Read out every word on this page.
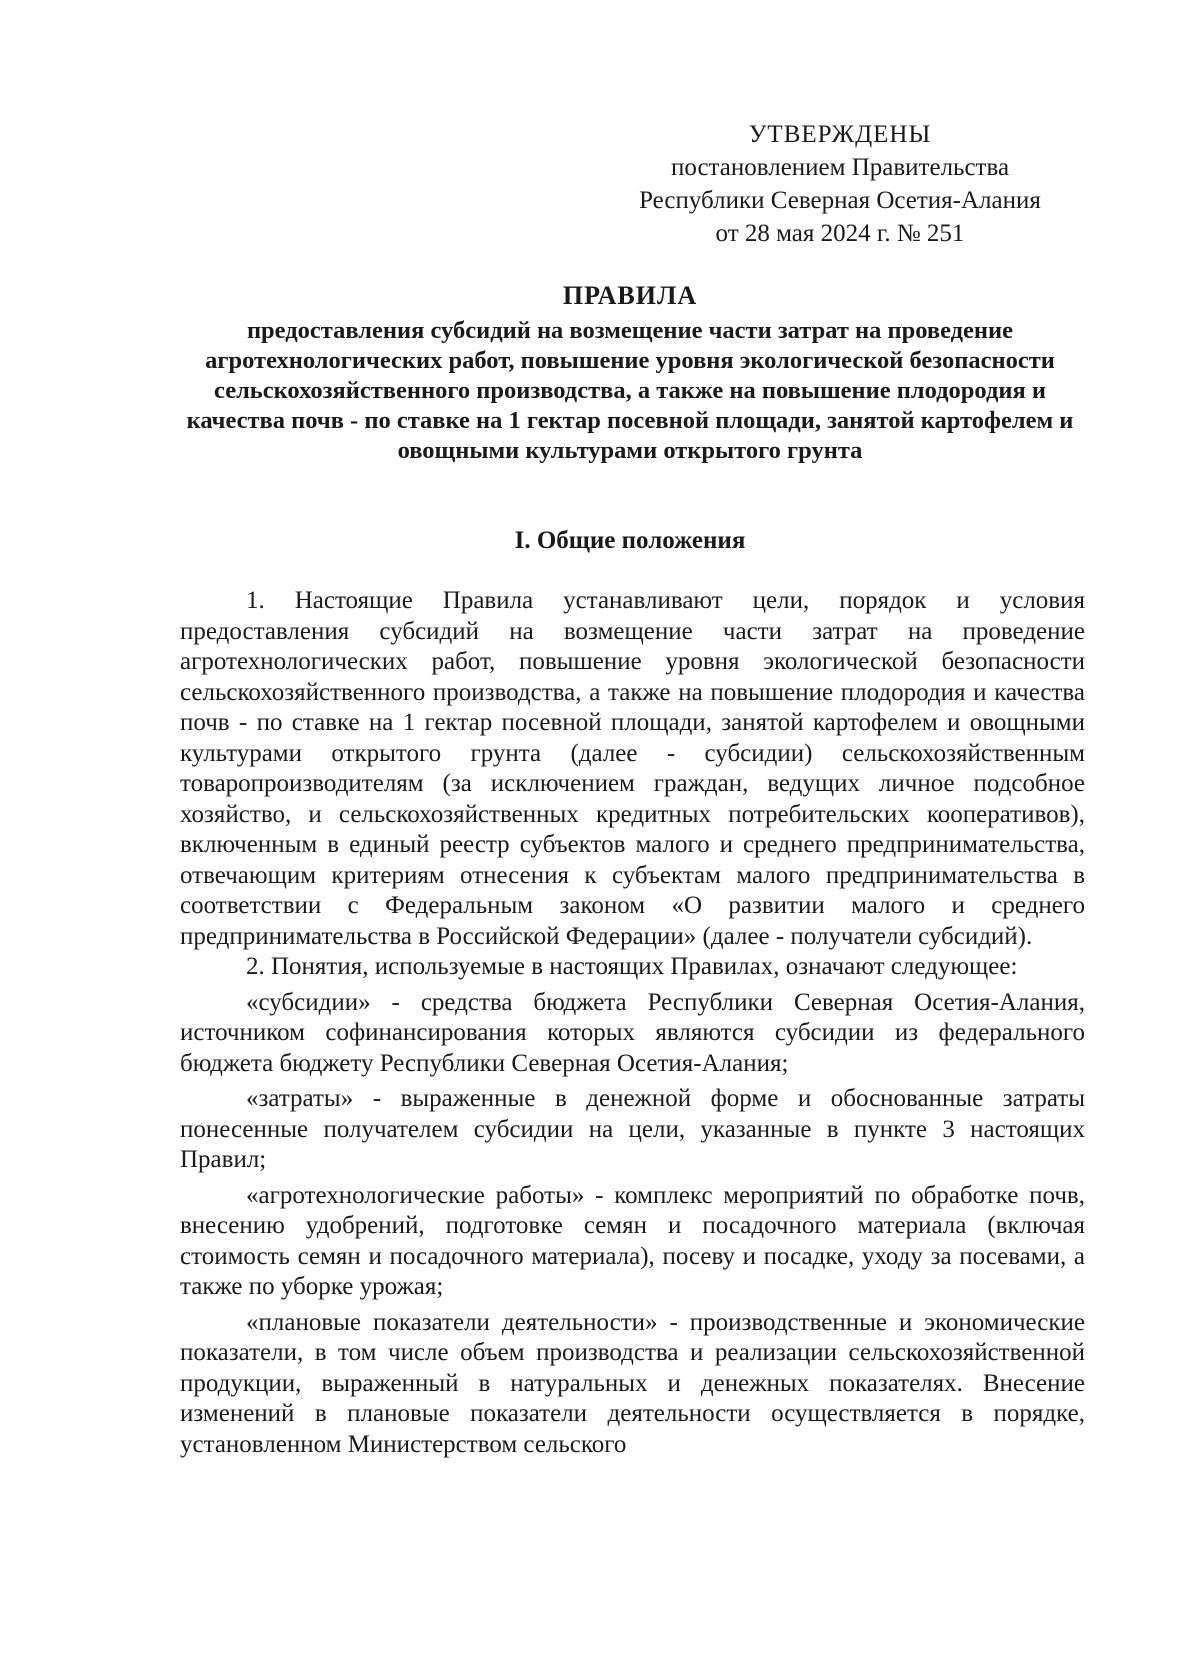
УТВЕРЖДЕНЫ
постановлением Правительства
Республики Северная Осетия-Алания
от 28 мая 2024 г. № 251
ПРАВИЛА
предоставления субсидий на возмещение части затрат на проведение агротехнологических работ, повышение уровня экологической безопасности сельскохозяйственного производства, а также на повышение плодородия и качества почв - по ставке на 1 гектар посевной площади, занятой картофелем и овощными культурами открытого грунта
I. Общие положения

1. Настоящие Правила устанавливают цели, порядок и условия предоставления субсидий на возмещение части затрат на проведение агротехнологических работ, повышение уровня экологической безопасности сельскохозяйственного производства, а также на повышение плодородия и качества почв - по ставке на 1 гектар посевной площади, занятой картофелем и овощными культурами открытого грунта (далее - субсидии) сельскохозяйственным товаропроизводителям (за исключением граждан, ведущих личное подсобное хозяйство, и сельскохозяйственных кредитных потребительских кооперативов), включенным в единый реестр субъектов малого и среднего предпринимательства, отвечающим критериям отнесения к субъектам малого предпринимательства в соответствии с Федеральным законом «О развитии малого и среднего предпринимательства в Российской Федерации» (далее - получатели субсидий).

2. Понятия, используемые в настоящих Правилах, означают следующее:

«субсидии» - средства бюджета Республики Северная Осетия-Алания, источником софинансирования которых являются субсидии из федерального бюджета бюджету Республики Северная Осетия-Алания;

«затраты» - выраженные в денежной форме и обоснованные затраты понесенные получателем субсидии на цели, указанные в пункте 3 настоящих Правил;

«агротехнологические работы» - комплекс мероприятий по обработке почв, внесению удобрений, подготовке семян и посадочного материала (включая стоимость семян и посадочного материала), посеву и посадке, уходу за посевами, а также по уборке урожая;

«плановые показатели деятельности» - производственные и экономические показатели, в том числе объем производства и реализации сельскохозяйственной продукции, выраженный в натуральных и денежных показателях. Внесение изменений в плановые показатели деятельности осуществляется в порядке, установленном Министерством сельского
